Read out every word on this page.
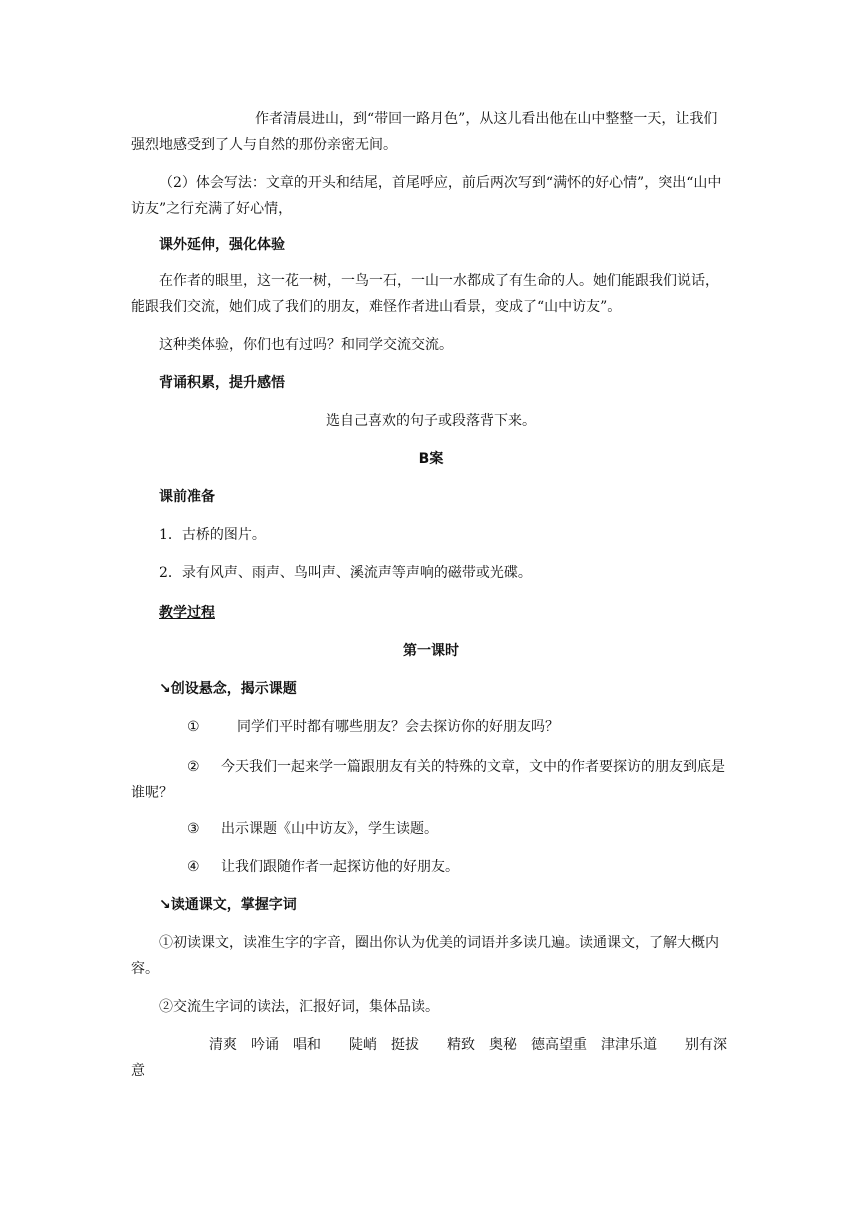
作者清晨进山，到“带回一路月色”，从这儿看出他在山中整整一天，让我们强烈地感受到了人与自然的那份亲密无间。

（2）体会写法：文章的开头和结尾，首尾呼应，前后两次写到“满怀的好心情”，突出“山中访友”之行充满了好心情，

课外延伸，强化体验

在作者的眼里，这一花一树，一鸟一石，一山一水都成了有生命的人。她们能跟我们说话，能跟我们交流，她们成了我们的朋友，难怪作者进山看景，变成了“山中访友”。

这种类体验，你们也有过吗？和同学交流交流。

背诵积累，提升感悟

选自己喜欢的句子或段落背下来。

B案

课前准备

1．古桥的图片。

2．录有风声、雨声、鸟叫声、溪流声等声响的磁带或光碟。

教学过程

第一课时

↘创设悬念，揭示课题

①	同学们平时都有哪些朋友？会去探访你的好朋友吗？

② 今天我们一起来学一篇跟朋友有关的特殊的文章，文中的作者要探访的朋友到底是谁呢？

③ 出示课题《山中访友》，学生读题。

④ 让我们跟随作者一起探访他的好朋友。

↘读通课文，掌握字词

①初读课文，读准生字的字音，圈出你认为优美的词语并多读几遍。读通课文，了解大概内容。

②交流生字词的读法，汇报好词，集体品读。

清爽　吟诵　唱和　　陡峭　挺拔　　精致　奥秘　德高望重　津津乐道　　别有深意
